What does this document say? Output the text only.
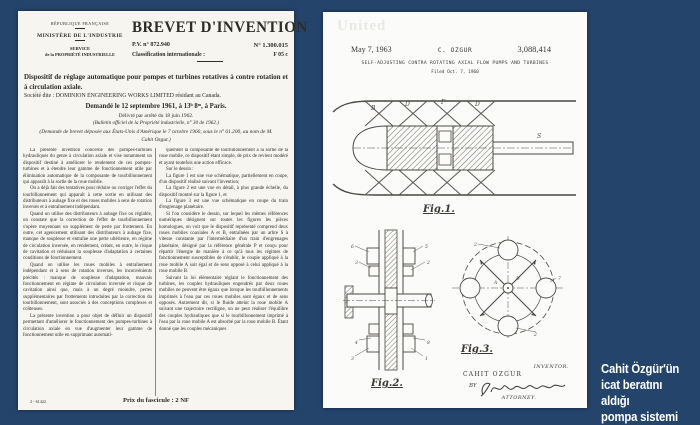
RÉPUBLIQUE FRANÇAISE
MINISTÈRE DE L'INDUSTRIE
SERVICE
de la PROPRIÉTÉ INDUSTRIELLE
BREVET D'INVENTION
P.V. n° 872.940	N° 1.300.015
Classification internationale :	F 05 c
Dispositif de réglage automatique pour pompes et turbines rotatives à contre rotation et à circulation axiale.
Société dite : DOMINION ENGINEERING WORKS LIMITED résidant au Canada.
Demandé le 12 septembre 1961, à 13ʰ 8ᵐ, à Paris.
Délivré par arrêté du 18 juin 1962.
(Bulletin officiel de la Propriété industrielle, n° 30 de 1962.)
(Demande de brevet déposée aux États-Unis d'Amérique le 7 octobre 1960, sous le n° 61.200, au nom de M. Cahit Ozgur.)

La présente invention concerne des pompes-turbines hydrauliques du genre à circulation axiale et vise notamment un dispositif destiné à améliorer le rendement de ces pompes-turbines et à étendre leur gamme de fonctionnement utile par élimination automatique de la composante de tourbillonnement qui apparaît à la sortie de la roue mobile.

On a déjà fait des tentatives pour réduire ou corriger l'effet du tourbillonnement qui apparaît à cette sortie en utilisant des distributeurs à aubage fixe et des roues mobiles à sens de rotation inverses et à entraînement indépendant.

Quand on utilise des distributeurs à aubage fixe ou réglable, on constate que la correction de l'effet de tourbillonnement s'opère moyennant un supplément de perte par frottement. En outre, cet agencement utilisant des distributeurs à aubage fixe, manque de souplesse et entraîne une perte ultérieure, en régime de circulation inversée, en rendement, créant, en outre, le risque de cavitation et réduisant la souplesse d'adaptation à certaines conditions de fonctionnement.

Quand on utilise les roues mobiles à entraînement indépendant et à sens de rotation inverses, les inconvénients précités : manque de souplesse d'adaptation, mauvais fonctionnement en régime de circulation inversée et risque de cavitation ainsi que, mais à un degré moindre, pertes supplémentaires par frottements introduites par la correction du tourbillonnement, sont associés à des conceptions complexes et coûteuses.

La présente invention a pour objet de définir un dispositif permettant d'améliorer le fonctionnement des pompes-turbines à circulation axiale en vue d'augmenter leur gamme de fonctionnement utile en supprimant automati-

quement la composante de tourbillonnement à la sortie de la roue mobile, ce dispositif étant simple, de prix de revient modéré et ayant toutefois une action efficace.

Sur le dessin :

La figure 1 est une vue schématique, partiellement en coupe, d'un dispositif réalisé suivant l'invention;

La figure 2 est une vue en détail, à plus grande échelle, du dispositif montré sur la figure 1, et

La figure 3 est une vue schématique en coupe du train d'engrenage planétaire.

Si l'on considère le dessin, sur lequel les mêmes références numériques désignent sur toutes les figures les pièces homologues, on voit que le dispositif représenté comprend deux roues mobiles coaxiales A et B, entraînées par un arbre S à vitesse constante par l'intermédiaire d'un train d'engrenages planétaire, désigné par la référence générale P et conçu pour répartir l'énergie de manière à ce qu'à tous les régimes de fonctionnement susceptibles de s'établir, le couple appliqué à la roue mobile A soit égal et de sens opposé à celui appliqué à la roue mobile B.

Suivant la loi élémentaire réglant le fonctionnement des turbines, les couples hydrauliques engendrés par deux roues mobiles ne peuvent être égaux que lorsque les tourbillonnements imprimés à l'eau par ces roues mobiles sont égaux et de sens opposés. Autrement dit, si le fluide atteint la roue mobile A suivant une trajectoire rectiligne, on ne peut réaliser l'équilibre des couples hydrauliques que si le tourbillonnement imprimé à l'eau par la roue mobile A est absorbé par la roue mobile B. Étant donné que les couples mécaniques

2 - 61422	Prix du fascicule : 2 NF
United
May 7, 1963	C. OZGUR	3,088,414
SELF-ADJUSTING CONTRA ROTATING AXIAL FLOW PUMPS AND TURBINES
Filed Oct. 7, 1960
B
D	F	D
S
Fig.1.
6
3
4
3
5
2
8
1
Fig.2.
2
7
2
A
D
Fig.3.
INVENTOR.
CAHIT OZGUR
BY
ATTORNEY.

Cahit Özgür'ün

icat beratını aldığı

pompa sistemi
